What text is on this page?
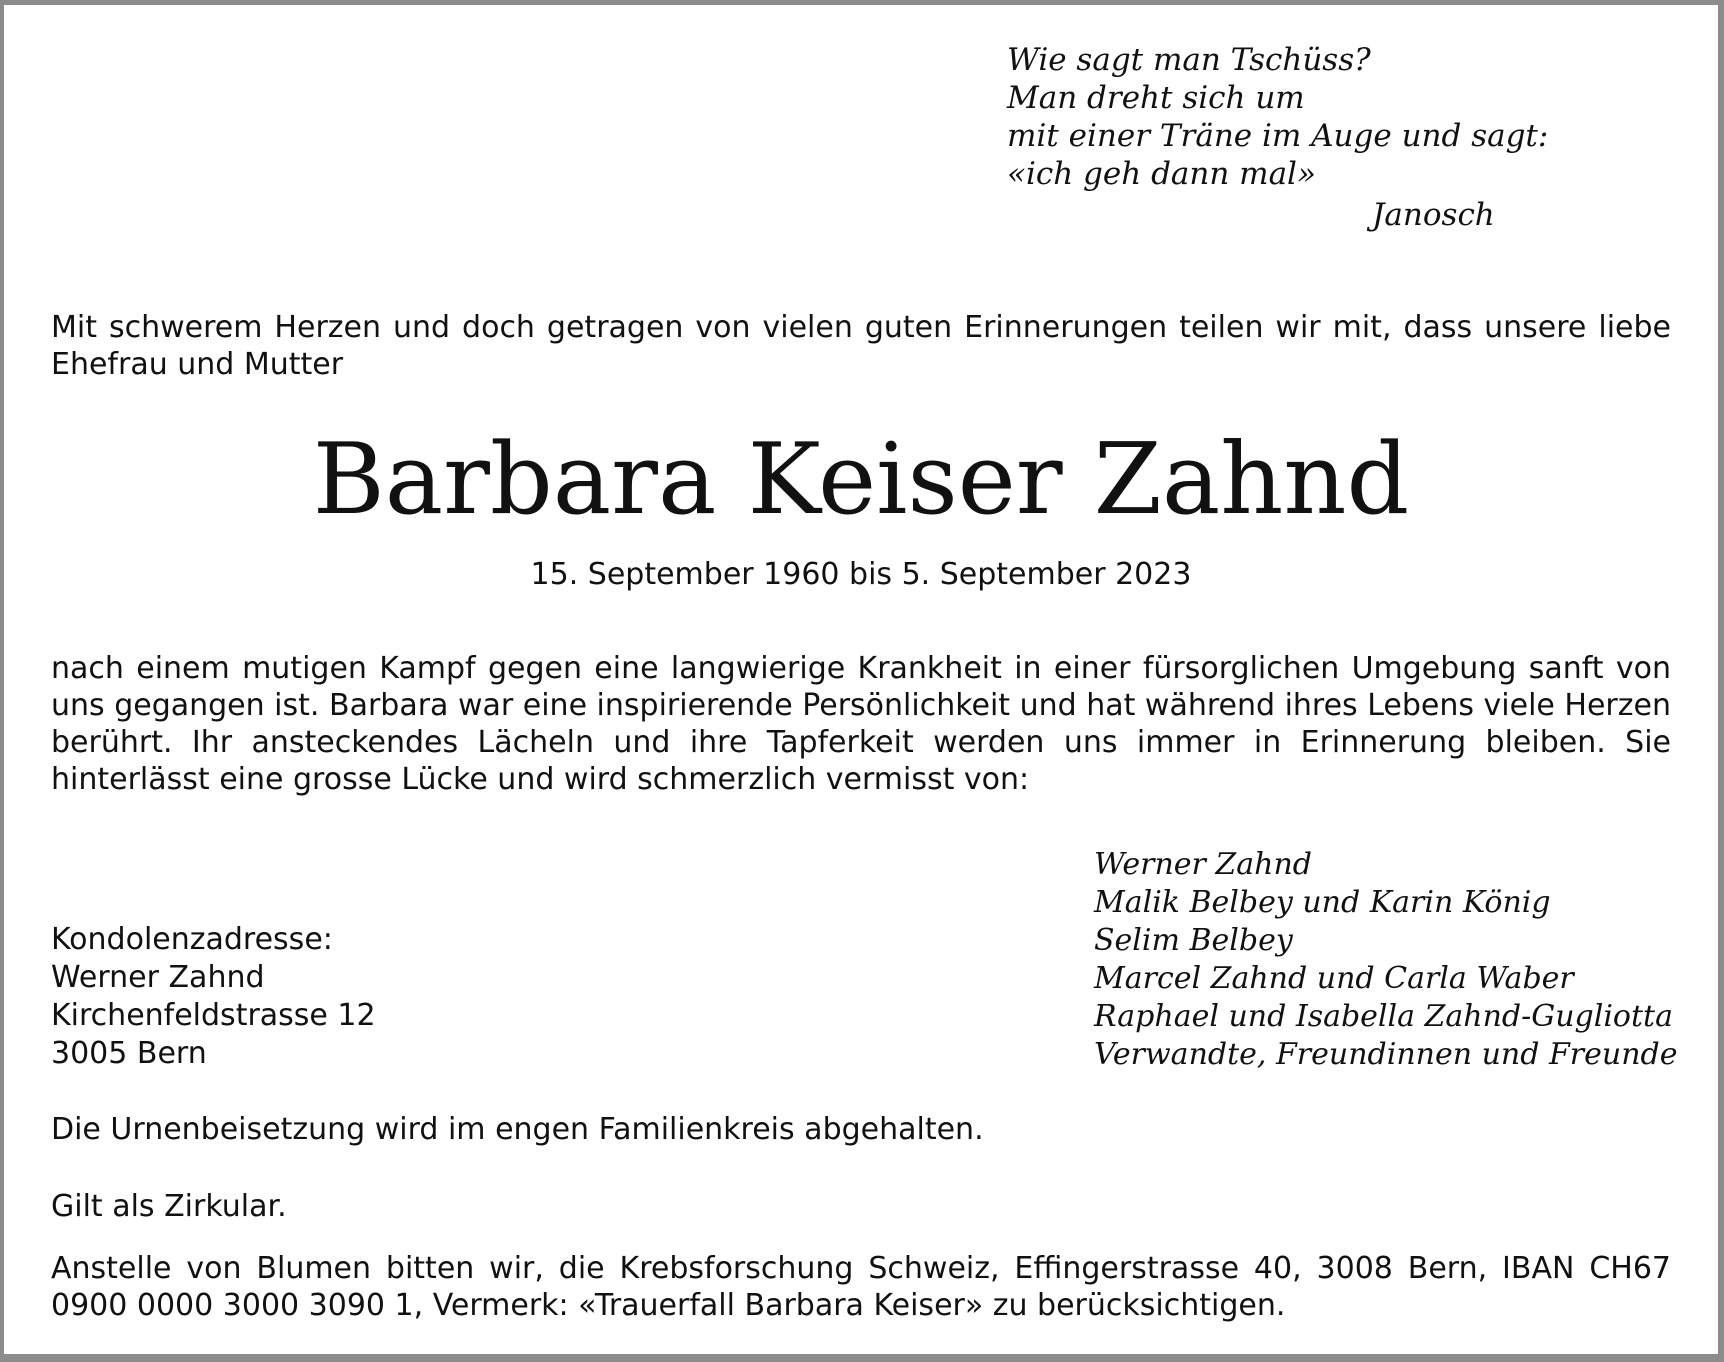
Wie sagt man Tschüss?
Man dreht sich um
mit einer Träne im Auge und sagt:
«ich geh dann mal»
Janosch
Mit schwerem Herzen und doch getragen von vielen guten Erinnerungen teilen wir mit, dass unsere liebe Ehefrau und Mutter
Barbara Keiser Zahnd
15. September 1960 bis 5. September 2023
nach einem mutigen Kampf gegen eine langwierige Krankheit in einer fürsorglichen Umgebung sanft von uns gegangen ist. Barbara war eine inspirierende Persönlichkeit und hat während ihres Lebens viele Herzen berührt. Ihr ansteckendes Lächeln und ihre Tapferkeit werden uns immer in Erinnerung bleiben. Sie hinterlässt eine grosse Lücke und wird schmerzlich vermisst von:
Werner Zahnd
Malik Belbey und Karin König
Selim Belbey
Marcel Zahnd und Carla Waber
Raphael und Isabella Zahnd-Gugliotta
Verwandte, Freundinnen und Freunde
Kondolenzadresse:
Werner Zahnd
Kirchenfeldstrasse 12
3005 Bern
Die Urnenbeisetzung wird im engen Familienkreis abgehalten.
Gilt als Zirkular.
Anstelle von Blumen bitten wir, die Krebsforschung Schweiz, Effingerstrasse 40, 3008 Bern, IBAN CH67 0900 0000 3000 3090 1, Vermerk: «Trauerfall Barbara Keiser» zu berücksichtigen.
